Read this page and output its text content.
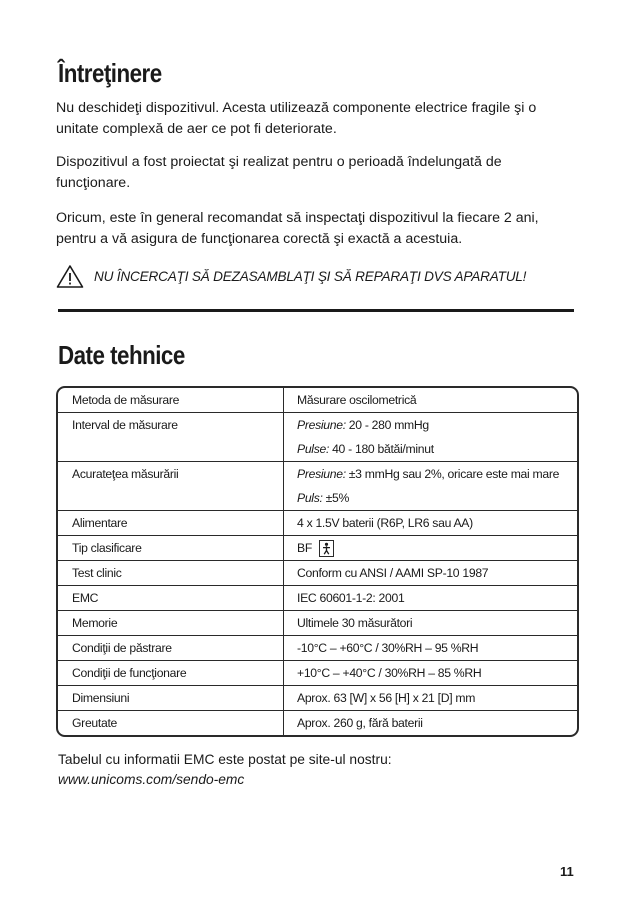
Întreţinere

Nu deschideţi dispozitivul. Acesta utilizează componente electrice fragile şi o unitate complexă de aer ce pot fi deteriorate.

Dispozitivul a fost proiectat şi realizat pentru o perioadă îndelungată de funcţionare.

Oricum, este în general recomandat să inspectaţi dispozitivul la fiecare 2 ani, pentru a vă asigura de funcţionarea corectă şi exactă a acestuia.

NU ÎNCERCAŢI SĂ DEZASAMBLAŢI ŞI SĂ REPARAŢI DVS APARATUL!
Date tehnice
Metoda de măsurare	Măsurare oscilometrică
Interval de măsurare	Presiune: 20 - 280 mmHg
Pulse: 40 - 180 bătăi/minut
Acurateţea măsurării	Presiune: ±3 mmHg sau 2%, oricare este mai mare
Puls: ±5%
Alimentare	4 x 1.5V baterii (R6P, LR6 sau AA)
Tip clasificare	BF
Test clinic	Conform cu ANSI / AAMI SP-10 1987
EMC	IEC 60601-1-2: 2001
Memorie	Ultimele 30 măsurători
Condiţii de păstrare	-10°C – +60°C / 30%RH – 95 %RH
Condiţii de funcţionare	+10°C – +40°C / 30%RH – 85 %RH
Dimensiuni	Aprox. 63 [W] x 56 [H] x 21 [D] mm
Greutate	Aprox. 260 g, fără baterii
Tabelul cu informatii EMC este postat pe site-ul nostru:
www.unicoms.com/sendo-emc
11
